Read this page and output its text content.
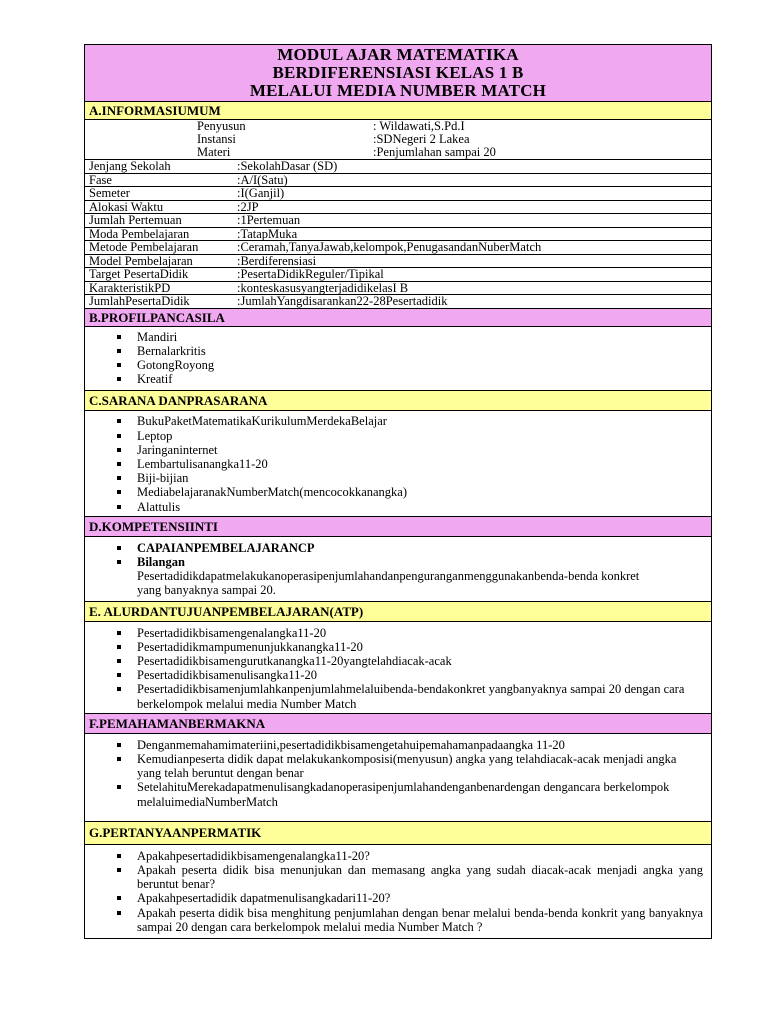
MODUL AJAR MATEMATIKA
BERDIFERENSIASI KELAS 1 B
MELALUI MEDIA NUMBER MATCH
A.INFORMASIUMUM
Penyusun	: Wildawati,S.Pd.I
Instansi	:SDNegeri 2 Lakea
Materi	:Penjumlahan sampai 20
Jenjang Sekolah	:SekolahDasar (SD)
Fase	:A/I(Satu)
Semeter	:I(Ganjil)
Alokasi Waktu	:2JP
Jumlah Pertemuan	:1Pertemuan
Moda Pembelajaran	:TatapMuka
Metode Pembelajaran	:Ceramah,TanyaJawab,kelompok,PenugasandanNuberMatch
Model Pembelajaran	:Berdiferensiasi
Target PesertaDidik	:PesertaDidikReguler/Tipikal
KarakteristikPD	:konteskasusyangterjadidikelasI B
JumlahPesertaDidik	:JumlahYangdisarankan22-28Pesertadidik
B.PROFILPANCASILA
Mandiri
Bernalarkritis
GotongRoyong
Kreatif
C.SARANA DANPRASARANA
BukuPaketMatematikaKurikulumMerdekaBelajar
Leptop
Jaringaninternet
Lembartulisanangka11-20
Biji-bijian
MediabelajaranakNumberMatch(mencocokkanangka)
Alattulis
D.KOMPETENSIINTI
CAPAIANPEMBELAJARANCP
Bilangan
Pesertadidikdapatmelakukanoperasipenjumlahandanpenguranganmenggunakanbenda-benda konkret yang banyaknya sampai 20.
E. ALURDANTUJUANPEMBELAJARAN(ATP)
Pesertadidikbisamengenalangka11-20
Pesertadidikmampumenunjukkanangka11-20
Pesertadidikbisamengurutkanangka11-20yangtelahdiacak-acak
Pesertadidikbisamenulisangka11-20
Pesertadidikbisamenjumlahkanpenjumlahmelaluibenda-bendakonkret yangbanyaknya sampai 20 dengan cara berkelompok melalui media Number Match
F.PEMAHAMANBERMAKNA
Denganmemahamimateriini,pesertadidikbisamengetahuipemahamanpadaangka 11-20
Kemudianpeserta didik dapat melakukankomposisi(menyusun) angka yang telahdiacak-acak menjadi angka yang telah beruntut dengan benar
SetelahituMerekadapatmenulisangkadanoperasipenjumlahandenganbenardengan dengancara berkelompok melaluimediaNumberMatch
G.PERTANYAANPERMATIK
Apakahpesertadidikbisamengenalangka11-20?
Apakah peserta didik bisa menunjukan dan memasang angka yang sudah diacak-acak menjadi angka yang beruntut benar?
Apakahpesertadidik dapatmenulisangkadari11-20?
Apakah peserta didik bisa menghitung penjumlahan dengan benar melalui benda-benda konkrit yang banyaknya sampai 20 dengan cara berkelompok melalui media Number Match ?
